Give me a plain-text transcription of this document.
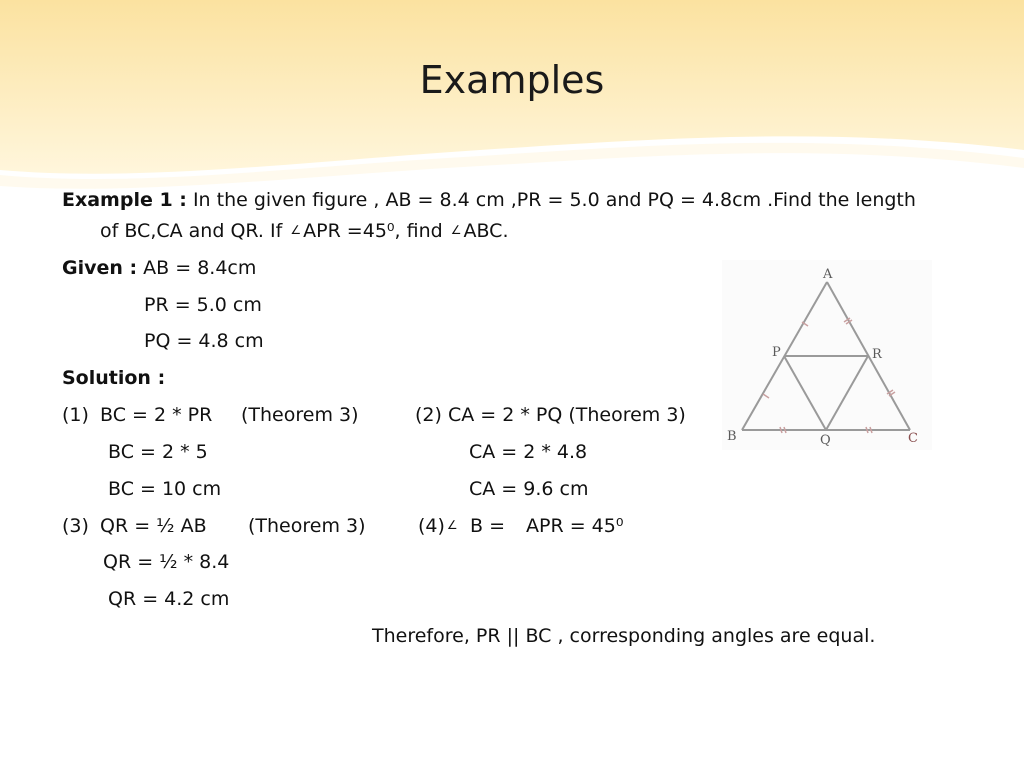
Examples
Example 1 : In the given figure , AB = 8.4 cm ,PR = 5.0 and PQ = 4.8cm .Find the length
of BC,CA and QR. If ∠ APR =45⁰, find ∠ ABC.
Given : AB = 8.4cm
PR = 5.0 cm
PQ = 4.8 cm
Solution :
(1) BC = 2 * PR (Theorem 3)	(2) CA = 2 * PQ (Theorem 3)
BC = 2 * 5	CA = 2 * 4.8
BC = 10 cm	CA = 9.6 cm
(3) QR = ½ AB (Theorem 3)	(4) ∠ B = APR = 45⁰
QR = ½ * 8.4
QR = 4.2 cm
Therefore, PR || BC , corresponding angles are equal.
A
P	R
B	Q	C
